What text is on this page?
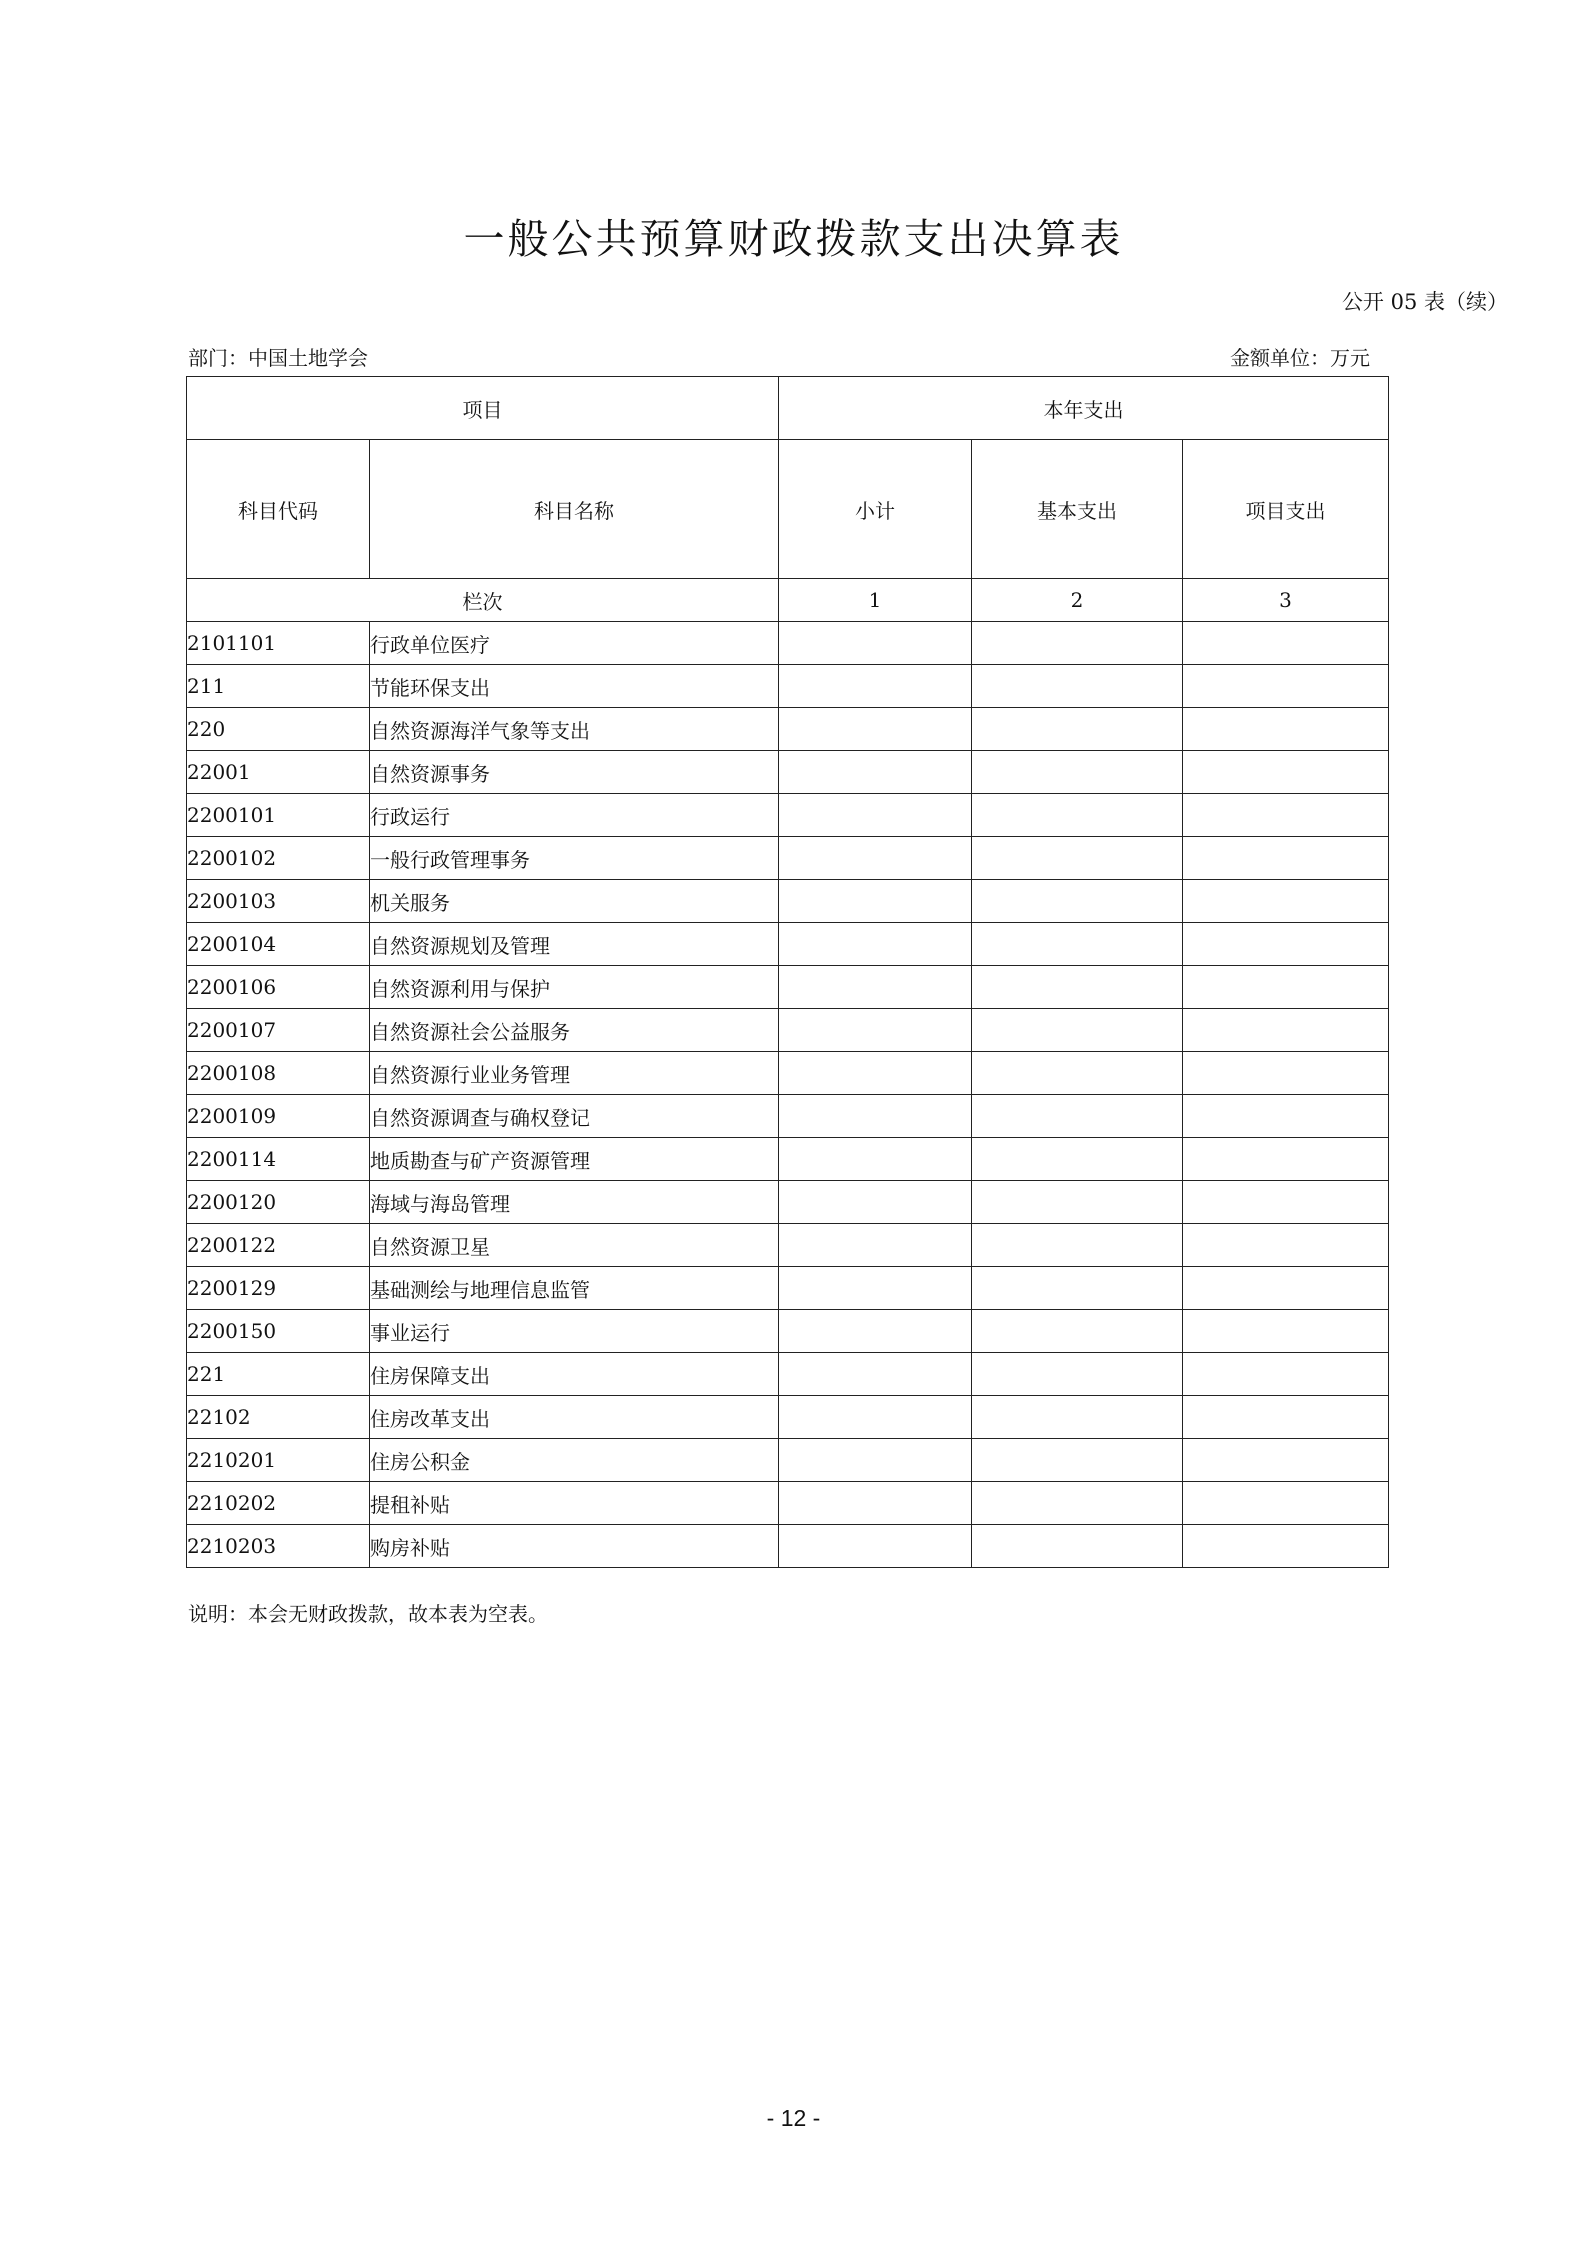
一般公共预算财政拨款支出决算表
公开 05 表（续）
部门：中国土地学会	金额单位：万元
项目		本年支出		
科目代码	科目名称	小计	基本支出	项目支出
栏次		1	2	3
2101101	行政单位医疗			
211	节能环保支出			
220	自然资源海洋气象等支出			
22001	自然资源事务			
2200101	行政运行			
2200102	一般行政管理事务			
2200103	机关服务			
2200104	自然资源规划及管理			
2200106	自然资源利用与保护			
2200107	自然资源社会公益服务			
2200108	自然资源行业业务管理			
2200109	自然资源调查与确权登记			
2200114	地质勘查与矿产资源管理			
2200120	海域与海岛管理			
2200122	自然资源卫星			
2200129	基础测绘与地理信息监管			
2200150	事业运行			
221	住房保障支出			
22102	住房改革支出			
2210201	住房公积金			
2210202	提租补贴			
2210203	购房补贴			
说明：本会无财政拨款，故本表为空表。
- 12 -
